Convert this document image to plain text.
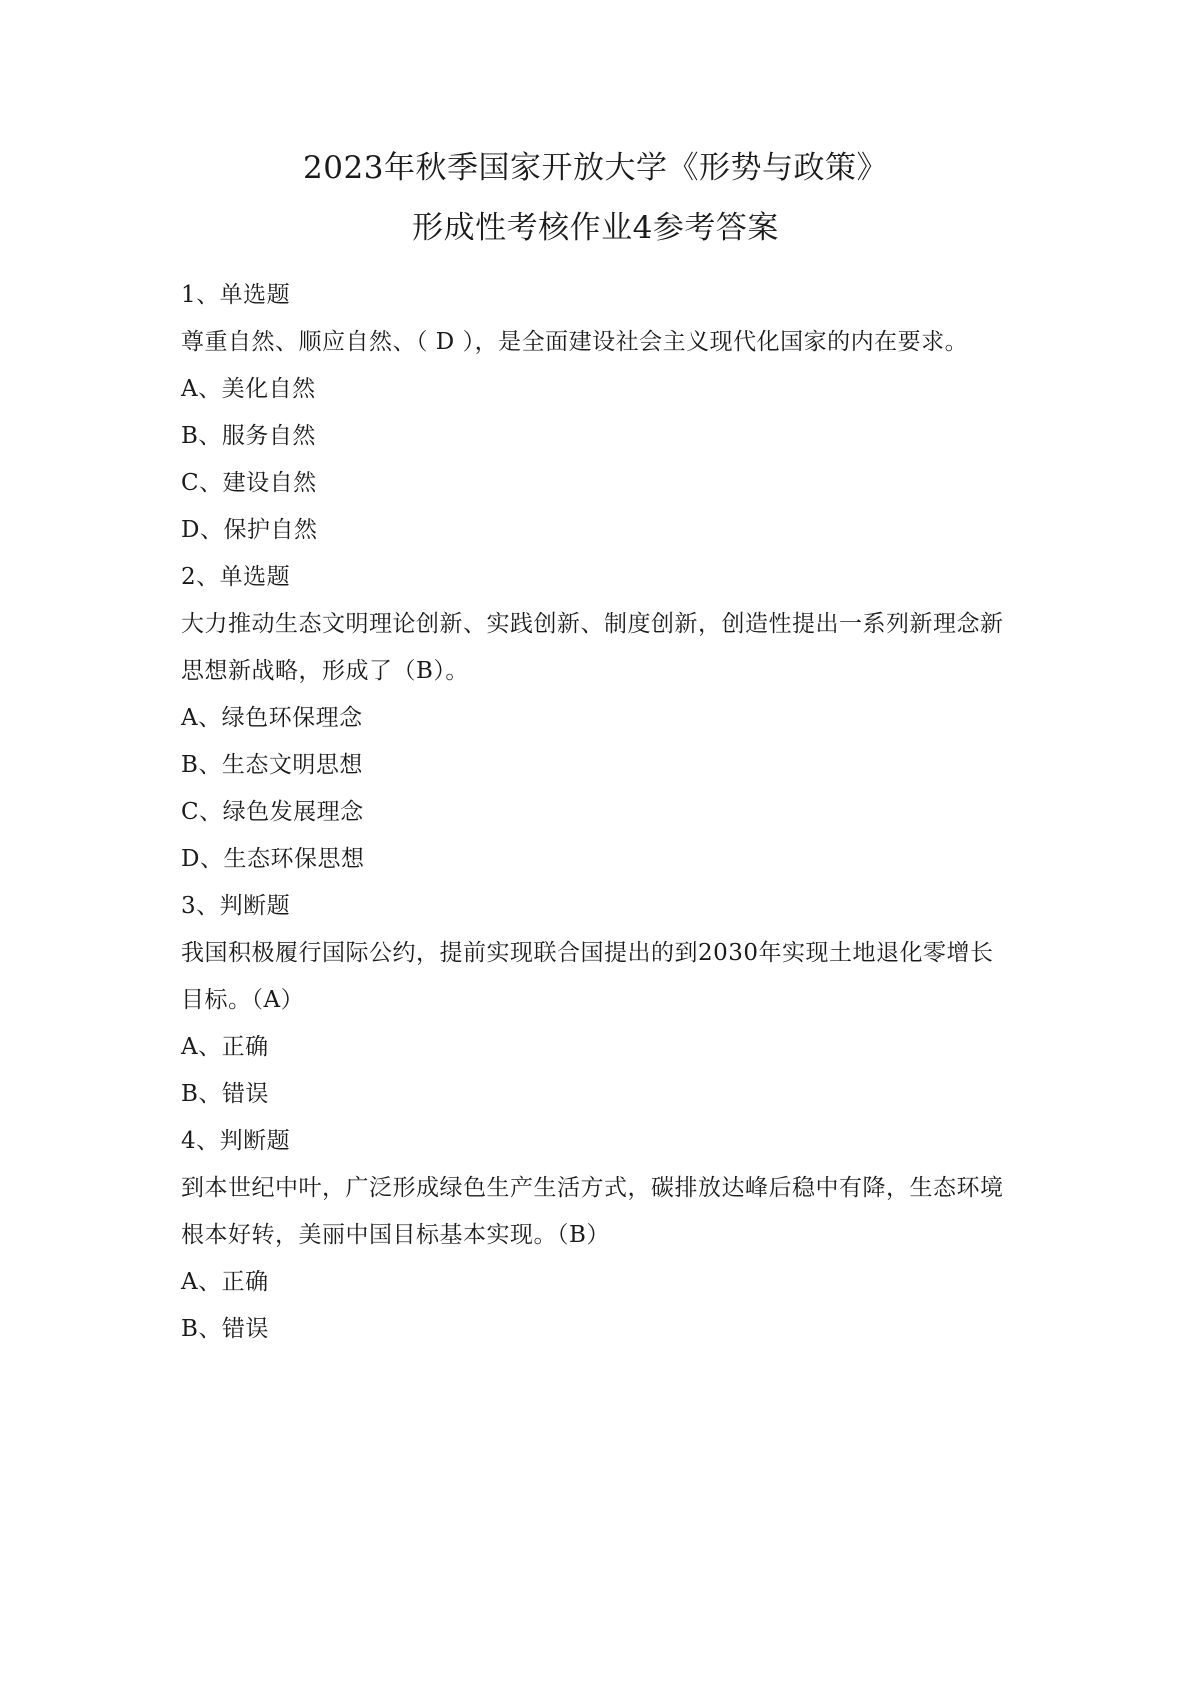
2023年秋季国家开放大学《形势与政策》
形成性考核作业4参考答案
1、单选题
尊重自然、顺应自然、（ D ），是全面建设社会主义现代化国家的内在要求。
A、美化自然
B、服务自然
C、建设自然
D、保护自然
2、单选题
大力推动生态文明理论创新、实践创新、制度创新，创造性提出一系列新理念新
思想新战略，形成了（B）。
A、绿色环保理念
B、生态文明思想
C、绿色发展理念
D、生态环保思想
3、判断题
我国积极履行国际公约，提前实现联合国提出的到2030年实现土地退化零增长
目标。（A）
A、正确
B、错误
4、判断题
到本世纪中叶，广泛形成绿色生产生活方式，碳排放达峰后稳中有降，生态环境
根本好转，美丽中国目标基本实现。（B）
A、正确
B、错误
